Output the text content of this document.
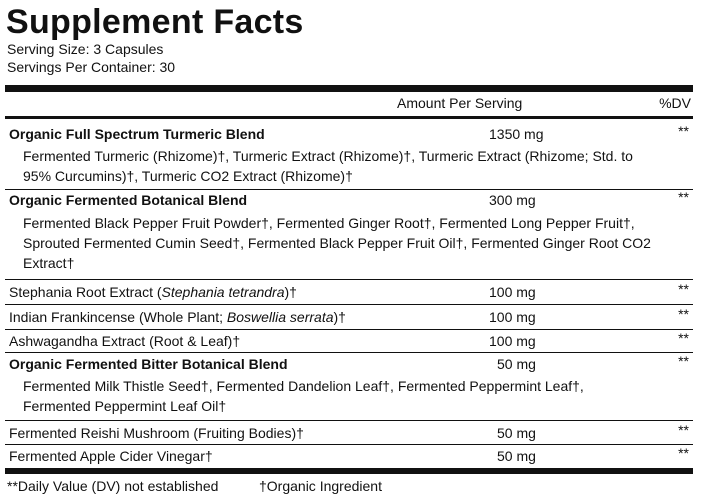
Supplement Facts
Serving Size: 3 Capsules
Servings Per Container: 30
Amount Per Serving	%DV
Organic Full Spectrum Turmeric Blend	1350 mg	**
Fermented Turmeric (Rhizome)†, Turmeric Extract (Rhizome)†, Turmeric Extract (Rhizome; Std. to
95% Curcumins)†, Turmeric CO2 Extract (Rhizome)†
Organic Fermented Botanical Blend	300 mg	**
Fermented Black Pepper Fruit Powder†, Fermented Ginger Root†, Fermented Long Pepper Fruit†,
Sprouted Fermented Cumin Seed†, Fermented Black Pepper Fruit Oil†, Fermented Ginger Root CO2
Extract†
Stephania Root Extract (Stephania tetrandra)†	100 mg	**
Indian Frankincense (Whole Plant; Boswellia serrata)†	100 mg	**
Ashwagandha Extract (Root & Leaf)†	100 mg	**
Organic Fermented Bitter Botanical Blend	50 mg	**
Fermented Milk Thistle Seed†, Fermented Dandelion Leaf†, Fermented Peppermint Leaf†,
Fermented Peppermint Leaf Oil†
Fermented Reishi Mushroom (Fruiting Bodies)†	50 mg	**
Fermented Apple Cider Vinegar†	50 mg	**
**Daily Value (DV) not established	†Organic Ingredient
